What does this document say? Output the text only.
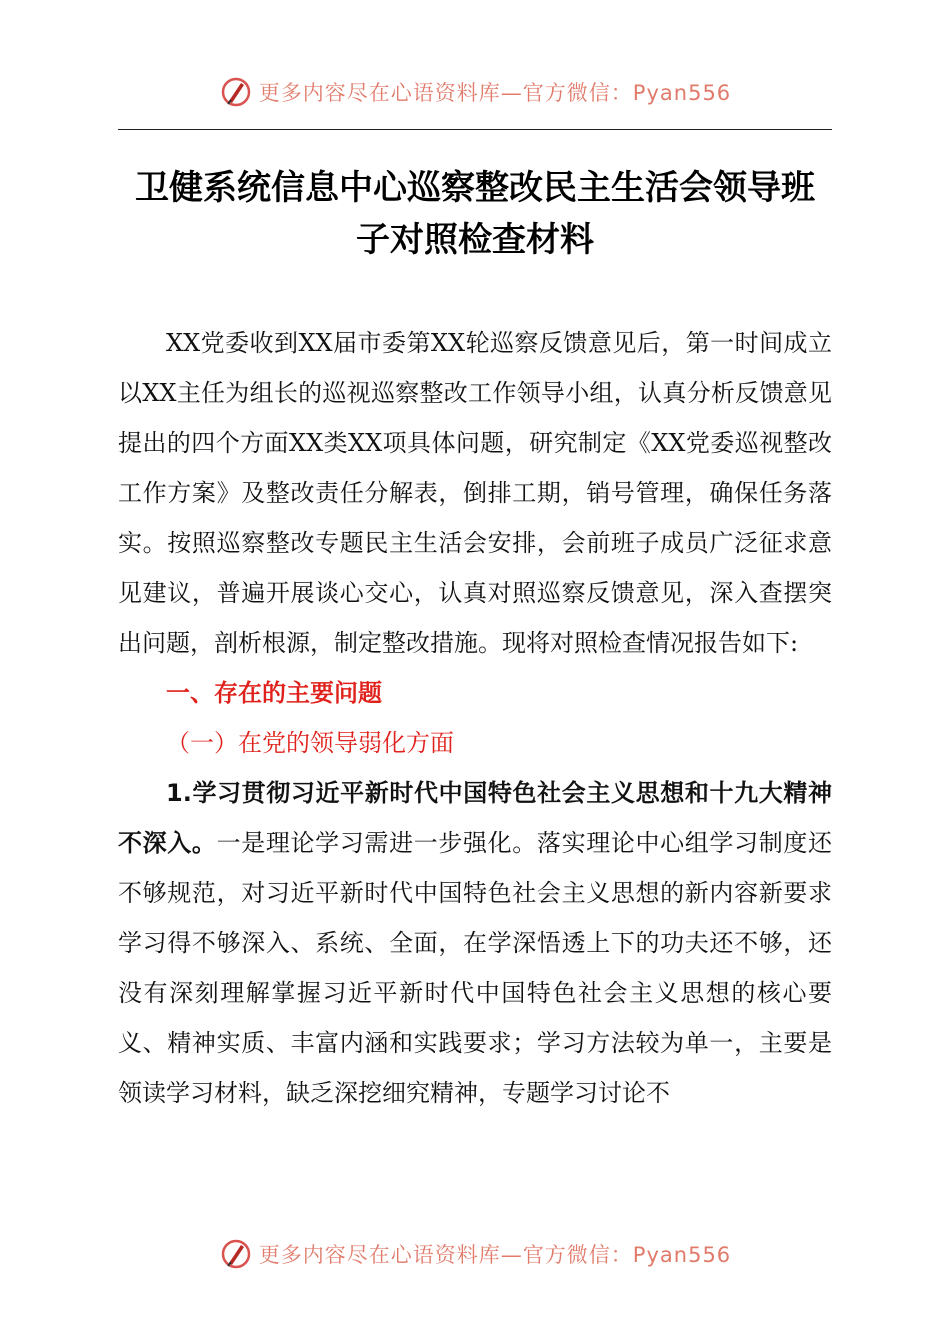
更多内容尽在心语资料库—官方微信：Pyan556
卫健系统信息中心巡察整改民主生活会领导班
子对照检查材料

XX党委收到XX届市委第XX轮巡察反馈意见后，第一时间成立以XX主任为组长的巡视巡察整改工作领导小组，认真分析反馈意见提出的四个方面XX类XX项具体问题，研究制定《XX党委巡视整改工作方案》及整改责任分解表，倒排工期，销号管理，确保任务落实。按照巡察整改专题民主生活会安排，会前班子成员广泛征求意见建议，普遍开展谈心交心，认真对照巡察反馈意见，深入查摆突出问题，剖析根源，制定整改措施。现将对照检查情况报告如下:

一、存在的主要问题

（一）在党的领导弱化方面

1.学习贯彻习近平新时代中国特色社会主义思想和十九大精神不深入。一是理论学习需进一步强化。落实理论中心组学习制度还不够规范，对习近平新时代中国特色社会主义思想的新内容新要求学习得不够深入、系统、全面，在学深悟透上下的功夫还不够，还没有深刻理解掌握习近平新时代中国特色社会主义思想的核心要义、精神实质、丰富内涵和实践要求；学习方法较为单一，主要是领读学习材料，缺乏深挖细究精神，专题学习讨论不

更多内容尽在心语资料库—官方微信：Pyan556
